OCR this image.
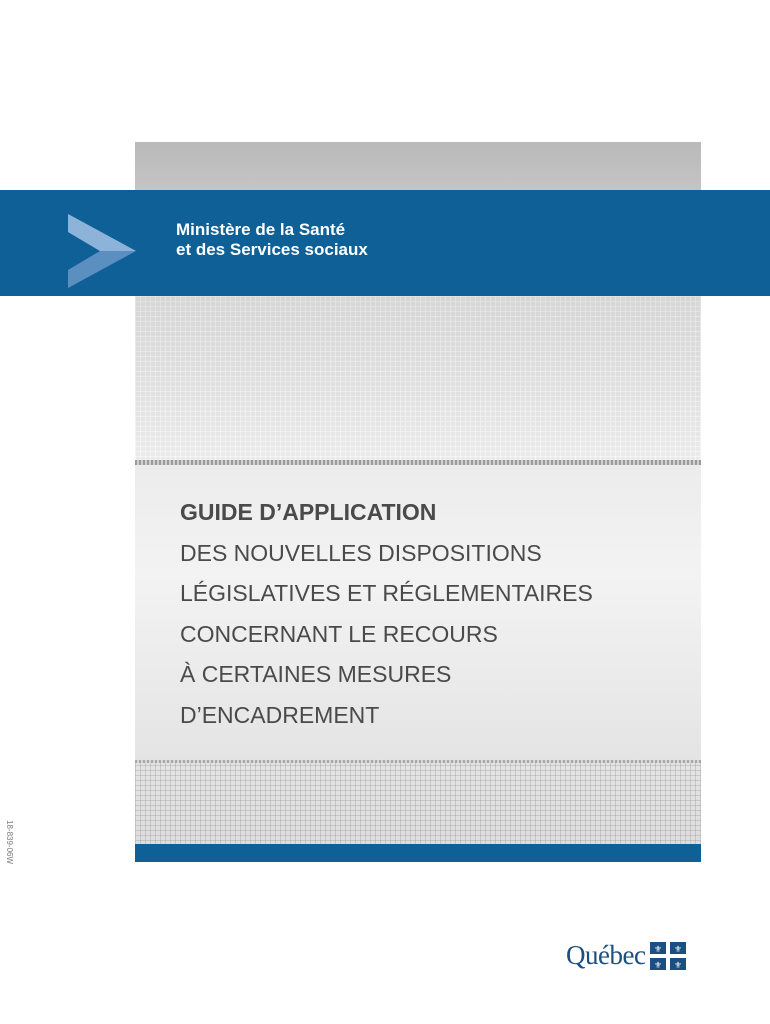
Ministère de la Santé
et des Services sociaux
GUIDE D’APPLICATION
DES NOUVELLES DISPOSITIONS
LÉGISLATIVES ET RÉGLEMENTAIRES
CONCERNANT LE RECOURS
À CERTAINES MESURES
D’ENCADREMENT
18-839-06W
Québec ⚜ ⚜
⚜ ⚜
